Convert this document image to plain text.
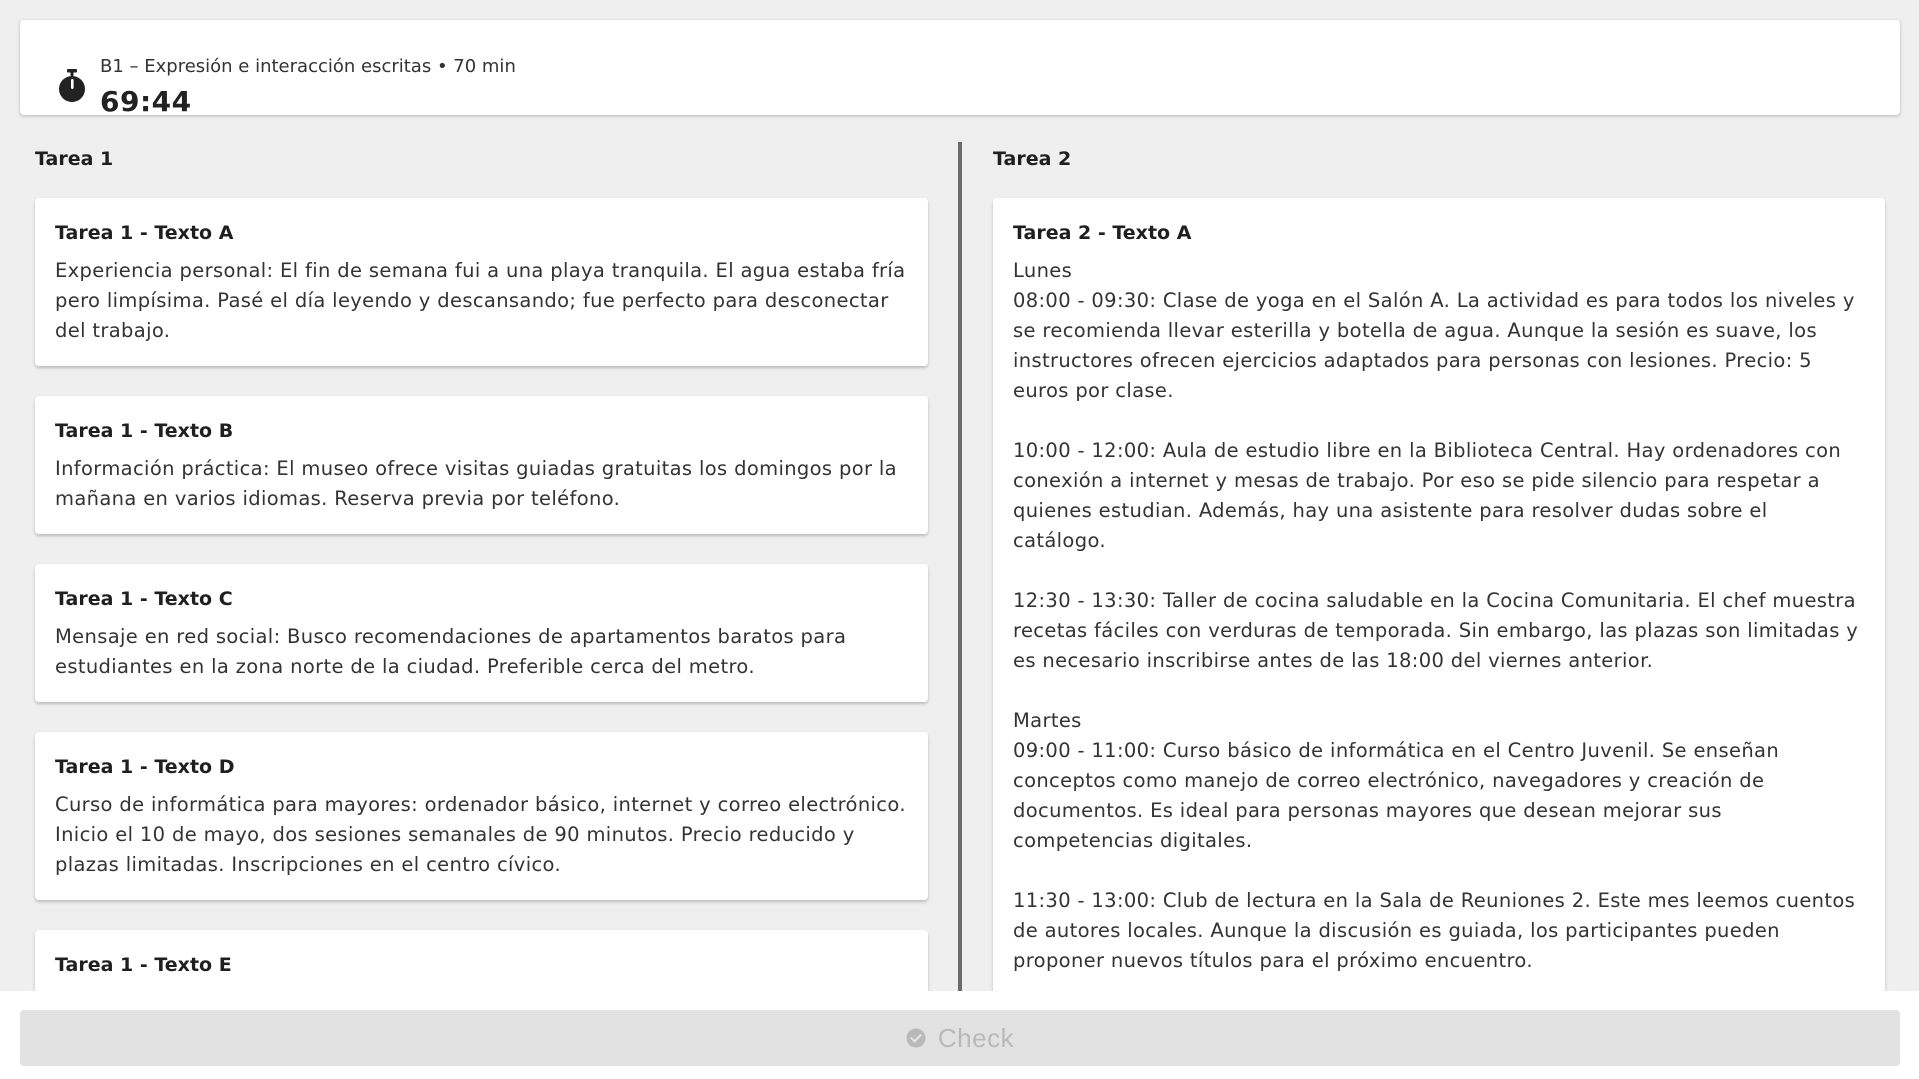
B1 – Expresión e interacción escritas • 70 min
69:44
Tarea 1
Tarea 1 - Texto A

Experiencia personal: El fin de semana fui a una playa tranquila. El agua estaba fría pero limpísima. Pasé el día leyendo y descansando; fue perfecto para desconectar del trabajo.

Tarea 1 - Texto B

Información práctica: El museo ofrece visitas guiadas gratuitas los domingos por la mañana en varios idiomas. Reserva previa por teléfono.

Tarea 1 - Texto C

Mensaje en red social: Busco recomendaciones de apartamentos baratos para estudiantes en la zona norte de la ciudad. Preferible cerca del metro.

Tarea 1 - Texto D

Curso de informática para mayores: ordenador básico, internet y correo electrónico. Inicio el 10 de mayo, dos sesiones semanales de 90 minutos. Precio reducido y plazas limitadas. Inscripciones en el centro cívico.

Tarea 1 - Texto E

Tarea 2
Tarea 2 - Texto A

Lunes
08:00 - 09:30: Clase de yoga en el Salón A. La actividad es para todos los niveles y se recomienda llevar esterilla y botella de agua. Aunque la sesión es suave, los instructores ofrecen ejercicios adaptados para personas con lesiones. Precio: 5 euros por clase.

10:00 - 12:00: Aula de estudio libre en la Biblioteca Central. Hay ordenadores con conexión a internet y mesas de trabajo. Por eso se pide silencio para respetar a quienes estudian. Además, hay una asistente para resolver dudas sobre el catálogo.

12:30 - 13:30: Taller de cocina saludable en la Cocina Comunitaria. El chef muestra recetas fáciles con verduras de temporada. Sin embargo, las plazas son limitadas y es necesario inscribirse antes de las 18:00 del viernes anterior.

Martes
09:00 - 11:00: Curso básico de informática en el Centro Juvenil. Se enseñan conceptos como manejo de correo electrónico, navegadores y creación de documentos. Es ideal para personas mayores que desean mejorar sus competencias digitales.

11:30 - 13:00: Club de lectura en la Sala de Reuniones 2. Este mes leemos cuentos de autores locales. Aunque la discusión es guiada, los participantes pueden proponer nuevos títulos para el próximo encuentro.

Check
